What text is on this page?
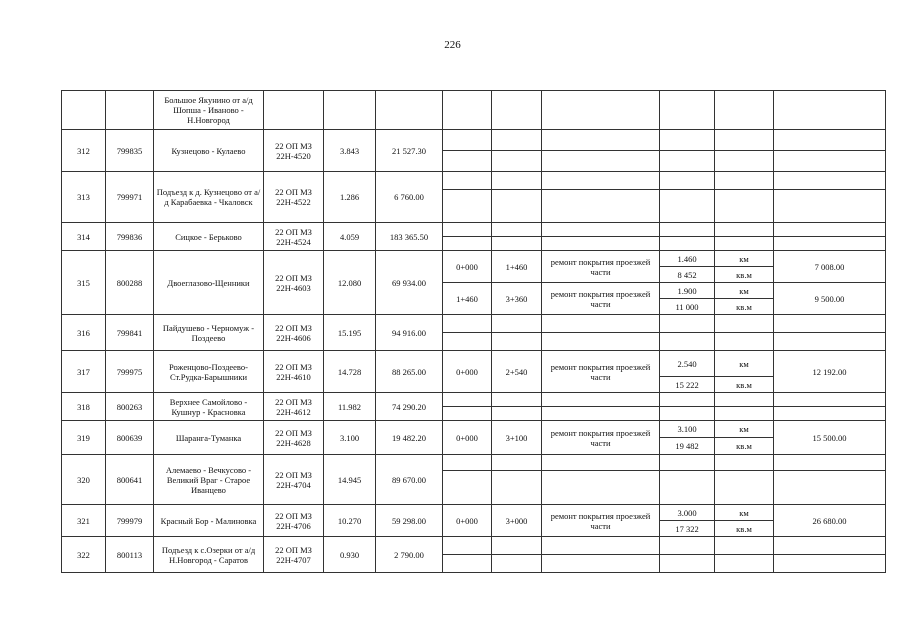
226
		Большое Якунино от а/д Шопша - Иваново - Н.Новгород									
312	799835	Кузнецово - Кулаево	22 ОП МЗ 22Н-4520	3.843	21 527.30						

313	799971	Подъезд к д. Кузнецово от а/д Карабаевка - Чкаловск	22 ОП МЗ 22Н-4522	1.286	6 760.00						

314	799836	Сицкое - Берьково	22 ОП МЗ 22Н-4524	4.059	183 365.50						

315	800288	Двоеглазово-Щенники	22 ОП МЗ 22Н-4603	12.080	69 934.00	0+000	1+460	ремонт покрытия проезжей части	1.460	км	7 008.00
									8 452	кв.м	
						1+460	3+360	ремонт покрытия проезжей части	1.900	км	9 500.00
									11 000	кв.м	
316	799841	Пайдушево - Черномуж - Поздеево	22 ОП МЗ 22Н-4606	15.195	94 916.00						

317	799975	Роженцово-Поздеево-Ст.Рудка-Барышники	22 ОП МЗ 22Н-4610	14.728	88 265.00	0+000	2+540	ремонт покрытия проезжей части	2.540	км	12 192.00
									15 222	кв.м	
318	800263	Верхнее Самойлово - Кушнур - Красновка	22 ОП МЗ 22Н-4612	11.982	74 290.20						

319	800639	Шаранга-Туманка	22 ОП МЗ 22Н-4628	3.100	19 482.20	0+000	3+100	ремонт покрытия проезжей части	3.100	км	15 500.00
									19 482	кв.м	
320	800641	Алемаево - Вечкусово - Великий Враг - Старое Иванцево	22 ОП МЗ 22Н-4704	14.945	89 670.00						

321	799979	Красный Бор - Малиновка	22 ОП МЗ 22Н-4706	10.270	59 298.00	0+000	3+000	ремонт покрытия проезжей части	3.000	км	26 680.00
									17 322	кв.м	
322	800113	Подъезд к с.Озерки от а/д Н.Новгород - Саратов	22 ОП МЗ 22Н-4707	0.930	2 790.00						
